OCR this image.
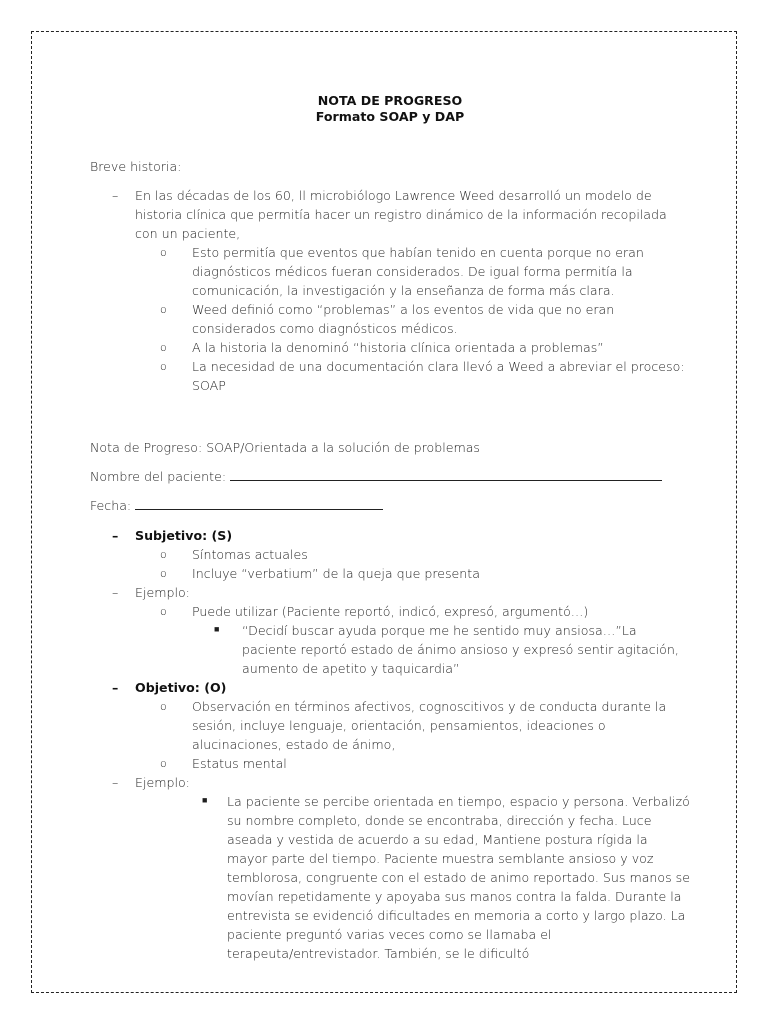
NOTA DE PROGRESO

Formato SOAP y DAP

Breve historia:

– En las décadas de los 60, ll microbiólogo Lawrence Weed desarrolló un modelo de historia clínica que permitía hacer un registro dinámico de la información recopilada con un paciente,
o Esto permitía que eventos que habían tenido en cuenta porque no eran diagnósticos médicos fueran considerados. De igual forma permitía la comunicación, la investigación y la enseñanza de forma más clara.
o Weed definió como “problemas” a los eventos de vida que no eran considerados como diagnósticos médicos.
o A la historia la denominó “historia clínica orientada a problemas”
o La necesidad de una documentación clara llevó a Weed a abreviar el proceso: SOAP

Nota de Progreso: SOAP/Orientada a la solución de problemas

Nombre del paciente:

Fecha:

– Subjetivo: (S)
o Síntomas actuales
o Incluye “verbatium” de la queja que presenta
– Ejemplo:
o Puede utilizar (Paciente reportó, indicó, expresó, argumentó…)
■ “Decidí buscar ayuda porque me he sentido muy ansiosa…”La paciente reportó estado de ánimo ansioso y expresó sentir agitación, aumento de apetito y taquicardia”
– Objetivo: (O)
o Observación en términos afectivos, cognoscitivos y de conducta durante la sesión, incluye lenguaje, orientación, pensamientos, ideaciones o alucinaciones, estado de ánimo,
o Estatus mental
– Ejemplo:
■ La paciente se percibe orientada en tiempo, espacio y persona. Verbalizó su nombre completo, donde se encontraba, dirección y fecha. Luce aseada y vestida de acuerdo a su edad, Mantiene postura rígida la mayor parte del tiempo. Paciente muestra semblante ansioso y voz temblorosa, congruente con el estado de animo reportado. Sus manos se movían repetidamente y apoyaba sus manos contra la falda. Durante la entrevista se evidenció dificultades en memoria a corto y largo plazo. La paciente preguntó varias veces como se llamaba el terapeuta/entrevistador. También, se le dificultó
